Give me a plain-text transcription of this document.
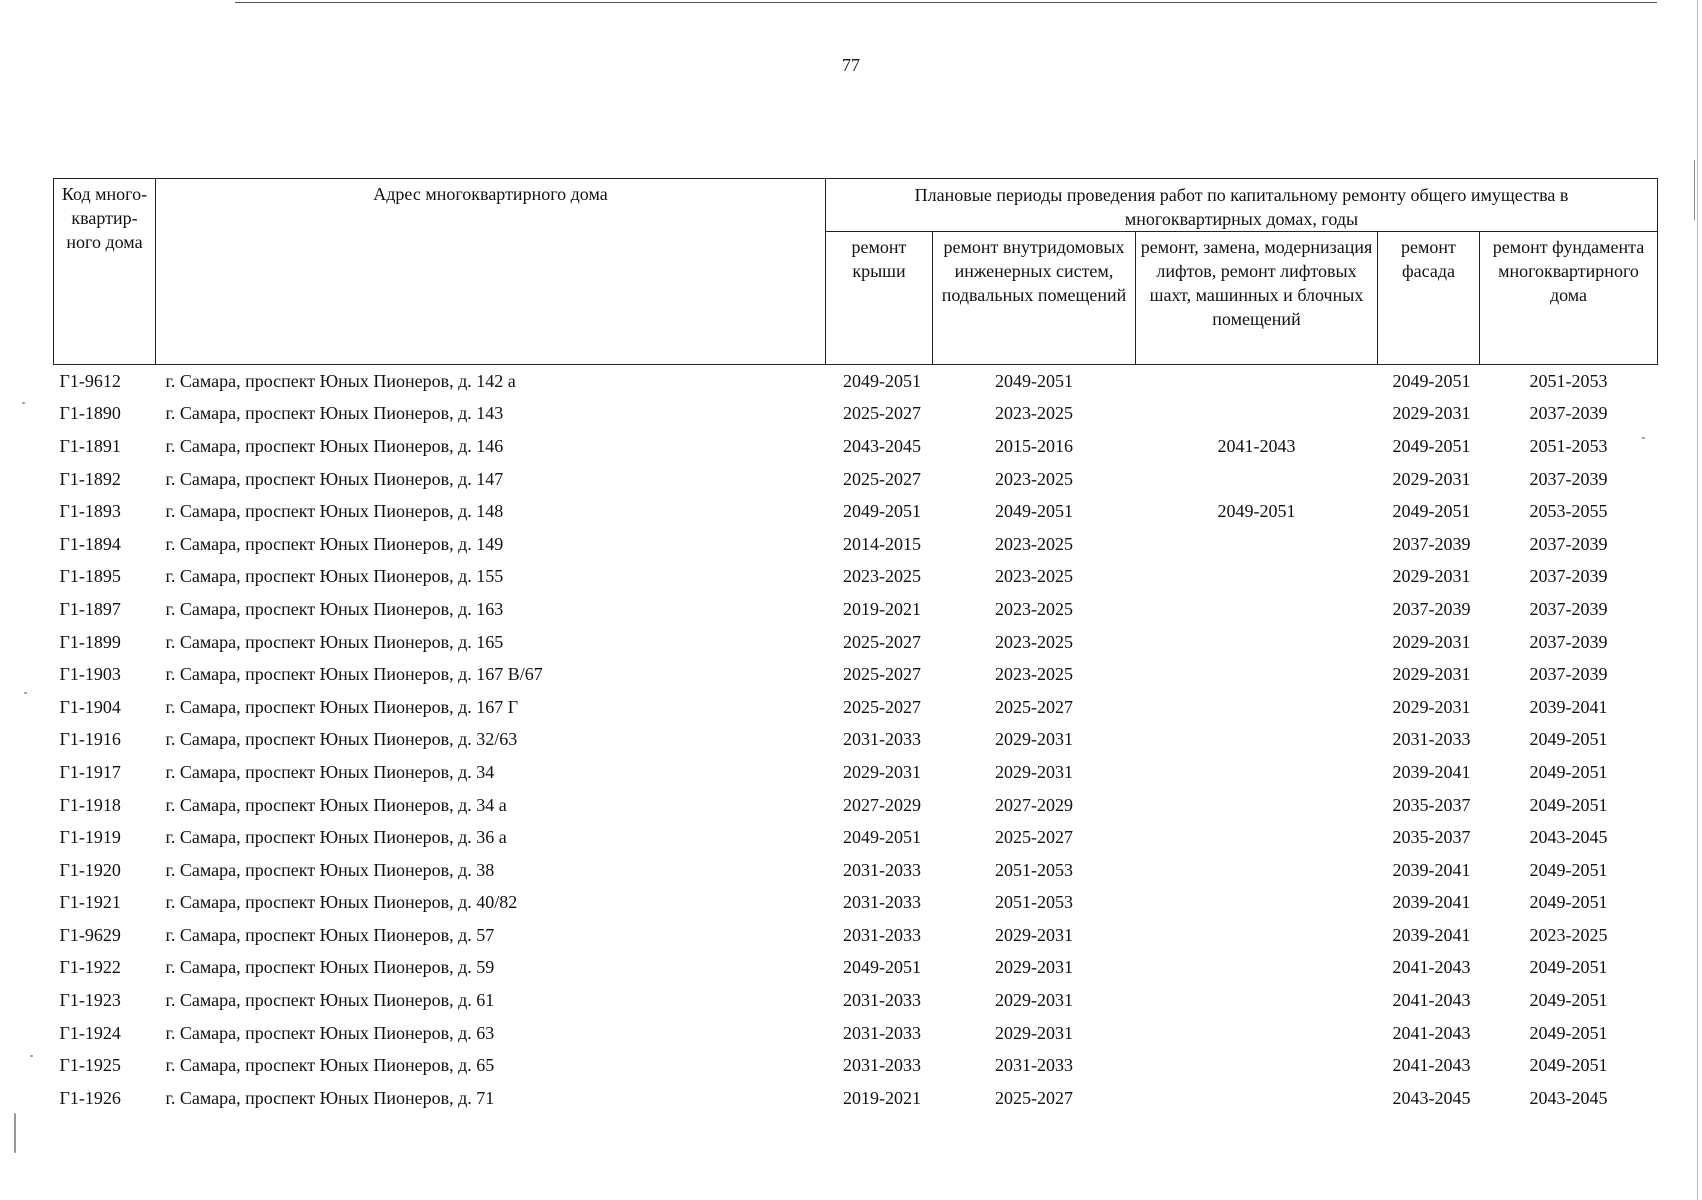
77
Код много-квартир-ного дома	Адрес многоквартирного дома	Плановые периоды проведения работ по капитальному ремонту общего имущества в многоквартирных домах, годы				
		ремонт крыши	ремонт внутридомовых инженерных систем, подвальных помещений	ремонт, замена, модернизация лифтов, ремонт лифтовых шахт, машинных и блочных помещений	ремонт фасада	ремонт фундамента многоквартирного дома
Г1-9612	г. Самара, проспект Юных Пионеров, д. 142 а	2049-2051	2049-2051		2049-2051	2051-2053
Г1-1890	г. Самара, проспект Юных Пионеров, д. 143	2025-2027	2023-2025		2029-2031	2037-2039
Г1-1891	г. Самара, проспект Юных Пионеров, д. 146	2043-2045	2015-2016	2041-2043	2049-2051	2051-2053
Г1-1892	г. Самара, проспект Юных Пионеров, д. 147	2025-2027	2023-2025		2029-2031	2037-2039
Г1-1893	г. Самара, проспект Юных Пионеров, д. 148	2049-2051	2049-2051	2049-2051	2049-2051	2053-2055
Г1-1894	г. Самара, проспект Юных Пионеров, д. 149	2014-2015	2023-2025		2037-2039	2037-2039
Г1-1895	г. Самара, проспект Юных Пионеров, д. 155	2023-2025	2023-2025		2029-2031	2037-2039
Г1-1897	г. Самара, проспект Юных Пионеров, д. 163	2019-2021	2023-2025		2037-2039	2037-2039
Г1-1899	г. Самара, проспект Юных Пионеров, д. 165	2025-2027	2023-2025		2029-2031	2037-2039
Г1-1903	г. Самара, проспект Юных Пионеров, д. 167 В/67	2025-2027	2023-2025		2029-2031	2037-2039
Г1-1904	г. Самара, проспект Юных Пионеров, д. 167 Г	2025-2027	2025-2027		2029-2031	2039-2041
Г1-1916	г. Самара, проспект Юных Пионеров, д. 32/63	2031-2033	2029-2031		2031-2033	2049-2051
Г1-1917	г. Самара, проспект Юных Пионеров, д. 34	2029-2031	2029-2031		2039-2041	2049-2051
Г1-1918	г. Самара, проспект Юных Пионеров, д. 34 а	2027-2029	2027-2029		2035-2037	2049-2051
Г1-1919	г. Самара, проспект Юных Пионеров, д. 36 а	2049-2051	2025-2027		2035-2037	2043-2045
Г1-1920	г. Самара, проспект Юных Пионеров, д. 38	2031-2033	2051-2053		2039-2041	2049-2051
Г1-1921	г. Самара, проспект Юных Пионеров, д. 40/82	2031-2033	2051-2053		2039-2041	2049-2051
Г1-9629	г. Самара, проспект Юных Пионеров, д. 57	2031-2033	2029-2031		2039-2041	2023-2025
Г1-1922	г. Самара, проспект Юных Пионеров, д. 59	2049-2051	2029-2031		2041-2043	2049-2051
Г1-1923	г. Самара, проспект Юных Пионеров, д. 61	2031-2033	2029-2031		2041-2043	2049-2051
Г1-1924	г. Самара, проспект Юных Пионеров, д. 63	2031-2033	2029-2031		2041-2043	2049-2051
Г1-1925	г. Самара, проспект Юных Пионеров, д. 65	2031-2033	2031-2033		2041-2043	2049-2051
Г1-1926	г. Самара, проспект Юных Пионеров, д. 71	2019-2021	2025-2027		2043-2045	2043-2045
